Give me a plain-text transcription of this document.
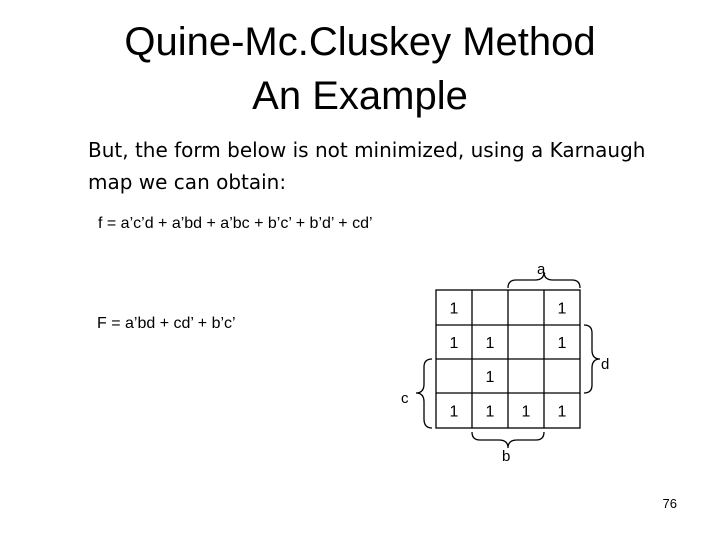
Quine-Mc.Cluskey Method
An Example
But, the form below is not minimized, using a Karnaugh map we can obtain:
f = a’c’d + a’bd + a’bc + b’c’ + b’d’ + cd’
F = a’bd + cd’ + b’c’
1	1
1 1	1
1
1 1 1 1
a
b
c
d
76
